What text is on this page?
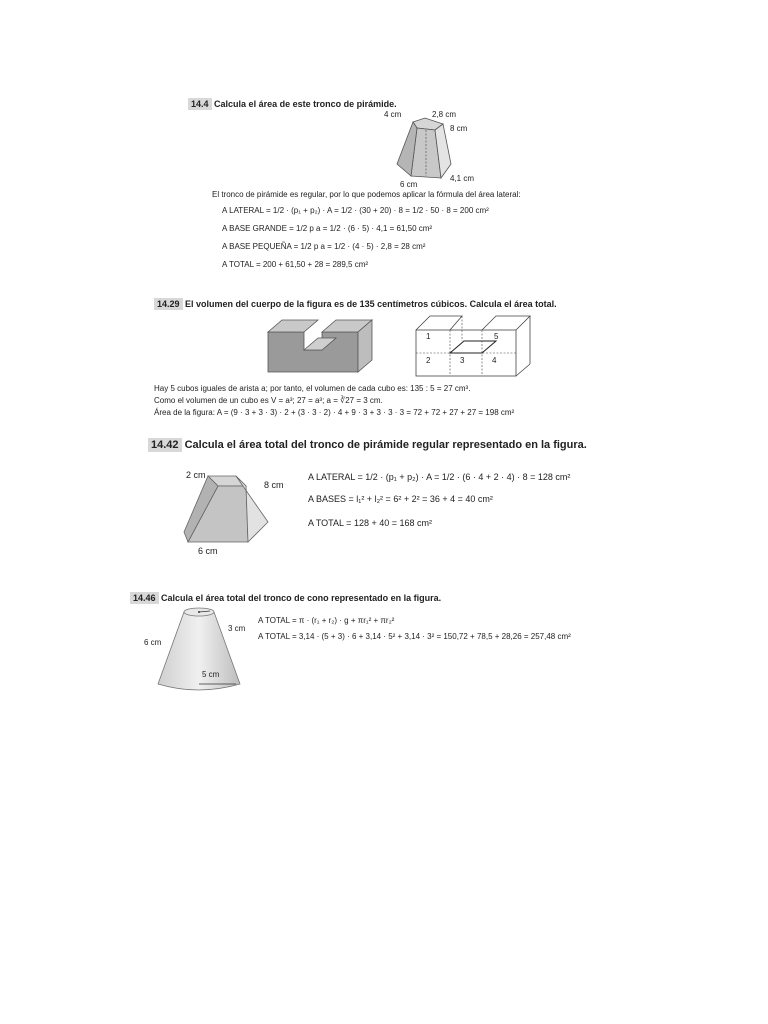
14.4 Calcula el área de este tronco de pirámide.
4 cm	2,8 cm
8 cm
4,1 cm
6 cm
El tronco de pirámide es regular, por lo que podemos aplicar la fórmula del área lateral:
A LATERAL = 1/2 · (p₁ + p₂) · A = 1/2 · (30 + 20) · 8 = 1/2 · 50 · 8 = 200 cm²
A BASE GRANDE = 1/2 p a = 1/2 · (6 · 5) · 4,1 = 61,50 cm²
A BASE PEQUEÑA = 1/2 p a = 1/2 · (4 · 5) · 2,8 = 28 cm²
A TOTAL = 200 + 61,50 + 28 = 289,5 cm²
14.29 El volumen del cuerpo de la figura es de 135 centímetros cúbicos. Calcula el área total.
1	5
2	3	4
Hay 5 cubos iguales de arista a; por tanto, el volumen de cada cubo es: 135 : 5 = 27 cm³.
Como el volumen de un cubo es V = a³; 27 = a³; a = ∛27 = 3 cm.
Área de la figura: A = (9 · 3 + 3 · 3) · 2 + (3 · 3 · 2) · 4 + 9 · 3 + 3 · 3 · 3 = 72 + 72 + 27 + 27 = 198 cm²
14.42 Calcula el área total del tronco de pirámide regular representado en la figura.
2 cm
8 cm
6 cm
A LATERAL = 1/2 · (p₁ + p₂) · A = 1/2 · (6 · 4 + 2 · 4) · 8 = 128 cm²
A BASES = l₁² + l₂² = 6² + 2² = 36 + 4 = 40 cm²
A TOTAL = 128 + 40 = 168 cm²
14.46 Calcula el área total del tronco de cono representado en la figura.
3 cm
6 cm
5 cm
A TOTAL = π · (r₁ + r₂) · g + πr₁² + πr₂²
A TOTAL = 3,14 · (5 + 3) · 6 + 3,14 · 5² + 3,14 · 3² = 150,72 + 78,5 + 28,26 = 257,48 cm²
